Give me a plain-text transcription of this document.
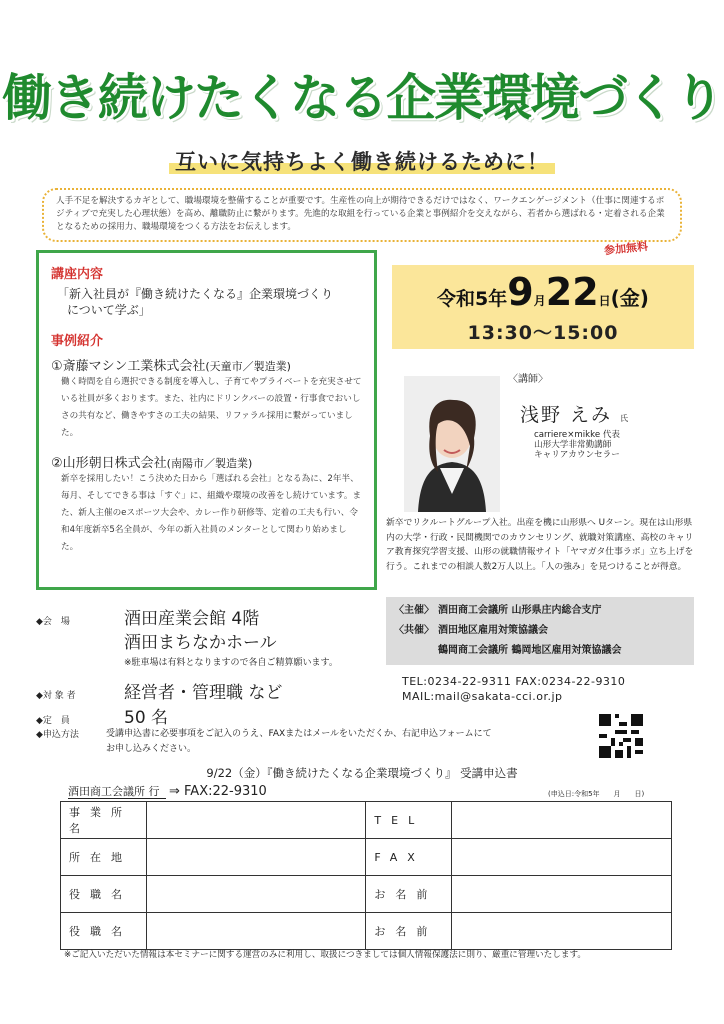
働き続けたくなる企業環境づくり
互いに気持ちよく働き続けるために！
人手不足を解決するカギとして、職場環境を整備することが重要です。生産性の向上が期待できるだけではなく、ワークエンゲージメント（仕事に関連するポジティブで充実した心理状態）を高め、離職防止に繋がります。先進的な取組を行っている企業と事例紹介を交えながら、若者から選ばれる・定着される企業となるための採用力、職場環境をつくる方法をお伝えします。
参加無料
講座内容
「新入社員が『働き続けたくなる』企業環境づくり
について学ぶ」
事例紹介
①斎藤マシン工業株式会社(天童市／製造業)
働く時間を自ら選択できる制度を導入し、子育てやプライベートを充実させている社員が多くおります。また、社内にドリンクバーの設置・行事食でおいしさの共有など、働きやすさの工夫の結果、リファラル採用に繋がっていました。
②山形朝日株式会社(南陽市／製造業)
新卒を採用したい！こう決めた日から「選ばれる会社」となる為に、2年半、毎月、そしてできる事は「すぐ」に、組織や環境の改善をし続けています。また、新人主催のeスポーツ大会や、カレー作り研修等、定着の工夫も行い、令和4年度新卒5名全員が、今年の新入社員のメンターとして関わり始めました。
令和5年9月22日(金)
13:30〜15:00
〈講師〉
浅野 えみ 氏
carriere×mikke 代表
山形大学非常勤講師
キャリアカウンセラー
新卒でリクルートグループ入社。出産を機に山形県へ Uターン。現在は山形県内の大学・行政・民間機関でのカウンセリング、就職対策講座、高校のキャリア教育探究学習支援、山形の就職情報サイト「ヤマガタ仕事ラボ」立ち上げを行う。これまでの相談人数2万人以上。「人の強み」を見つけることが得意。
〈主催〉 酒田商工会議所 山形県庄内総合支庁
〈共催〉 酒田地区雇用対策協議会
鶴岡商工会議所 鶴岡地区雇用対策協議会
TEL:0234-22-9311 FAX:0234-22-9310
MAIL:mail@sakata-cci.or.jp
◆会　場	酒田産業会館 4階
酒田まちなかホール
※駐車場は有料となりますので各自ご精算願います。
◆対 象 者	経営者・管理職 など
◆定　員	50 名
◆申込方法	受講申込書に必要事項をご記入のうえ、FAXまたはメールをいただくか、右記申込フォームにて
お申し込みください。
9/22（金）『働き続けたくなる企業環境づくり』 受講申込書
酒田商工会議所 行 ⇒ FAX:22-9310	(申込日:令和5年　　月　　日)
事業所名		TEL	
所在地		FAX	
役職名		お名前	
役職名		お名前	
※ご記入いただいた情報は本セミナーに関する運営のみに利用し、取扱につきましては個人情報保護法に則り、厳重に管理いたします。
